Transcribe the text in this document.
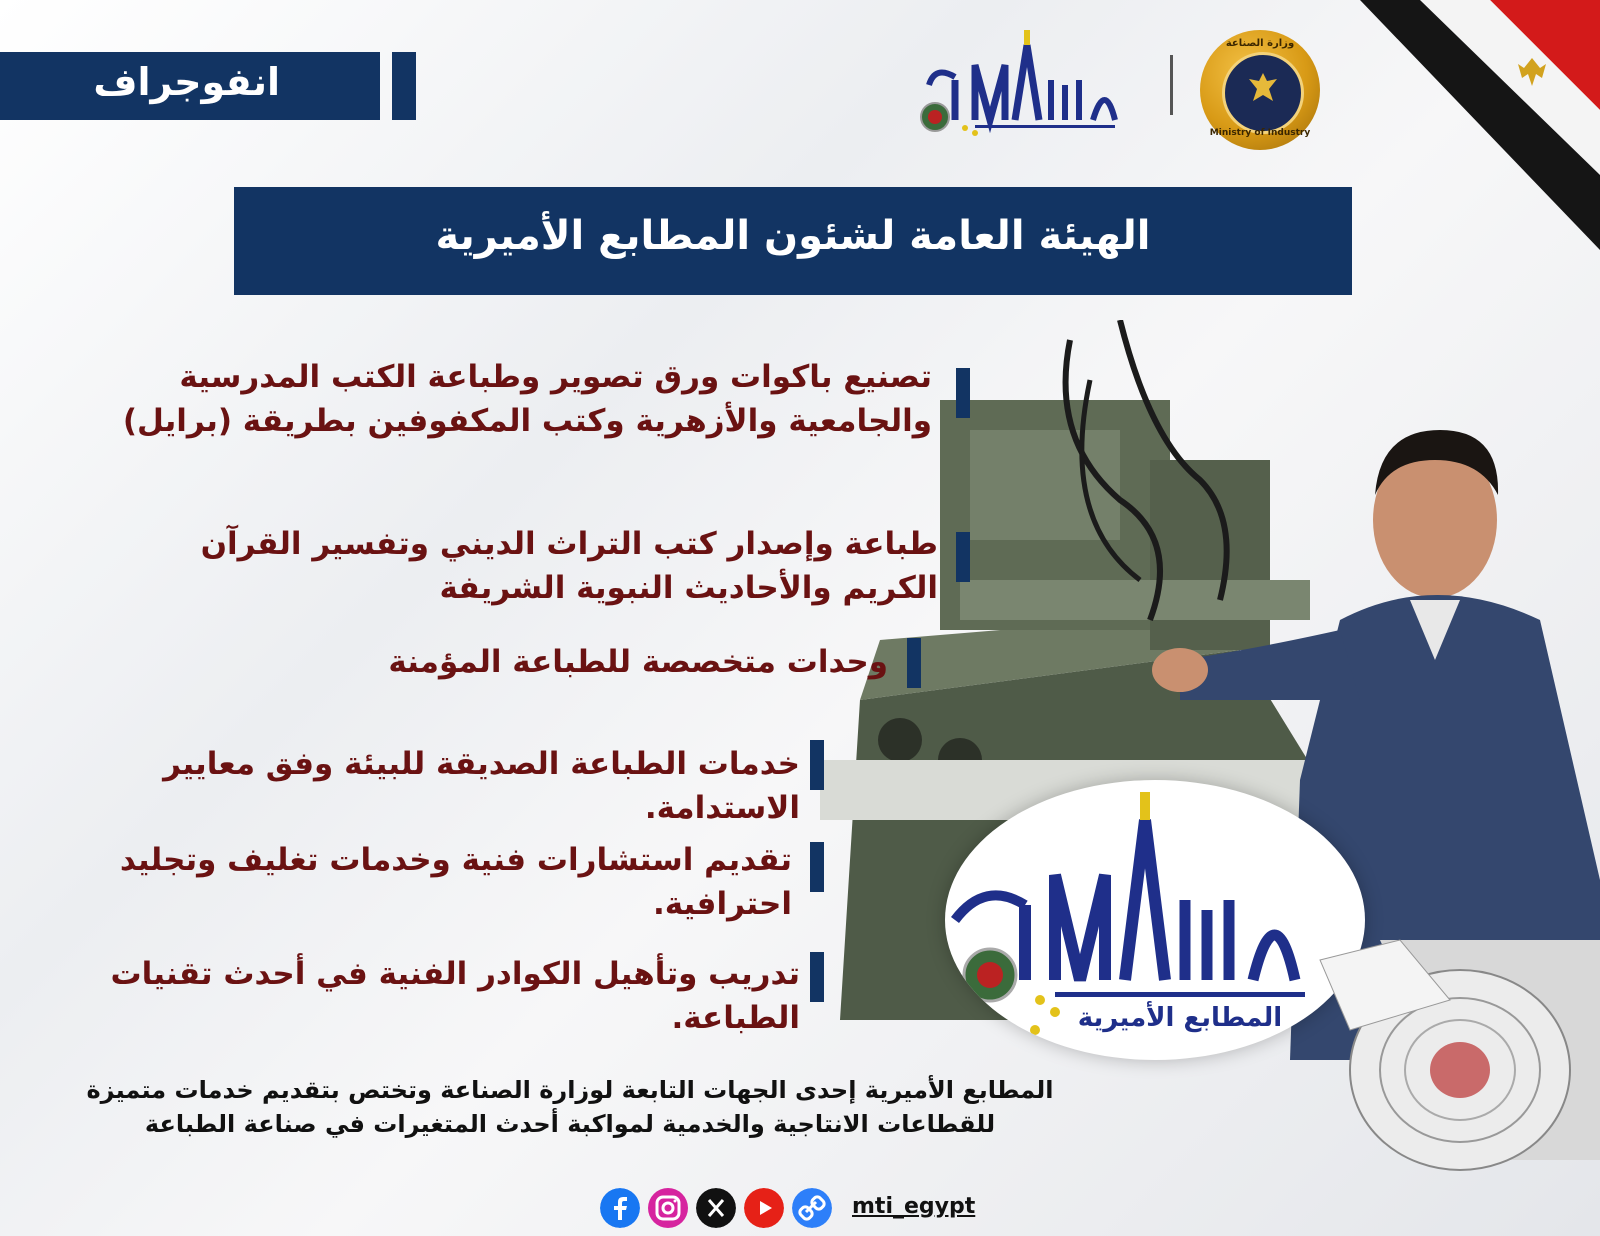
انفوجراف
وزارة الصناعة
Ministry of Industry
الهيئة العامة لشئون المطابع الأميرية
تصنيع باكوات ورق تصوير وطباعة الكتب المدرسية والجامعية والأزهرية وكتب المكفوفين بطريقة (برايل)
طباعة وإصدار كتب التراث الديني وتفسير القرآن الكريم والأحاديث النبوية الشريفة
وحدات متخصصة للطباعة المؤمنة
خدمات الطباعة الصديقة للبيئة وفق معايير الاستدامة.
تقديم استشارات فنية وخدمات تغليف وتجليد احترافية.
تدريب وتأهيل الكوادر الفنية في أحدث تقنيات الطباعة.	المطابع الأميرية
المطابع الأميرية إحدى الجهات التابعة لوزارة الصناعة وتختص بتقديم خدمات متميزة للقطاعات الانتاجية والخدمية لمواكبة أحدث المتغيرات في صناعة الطباعة
mti_egypt
